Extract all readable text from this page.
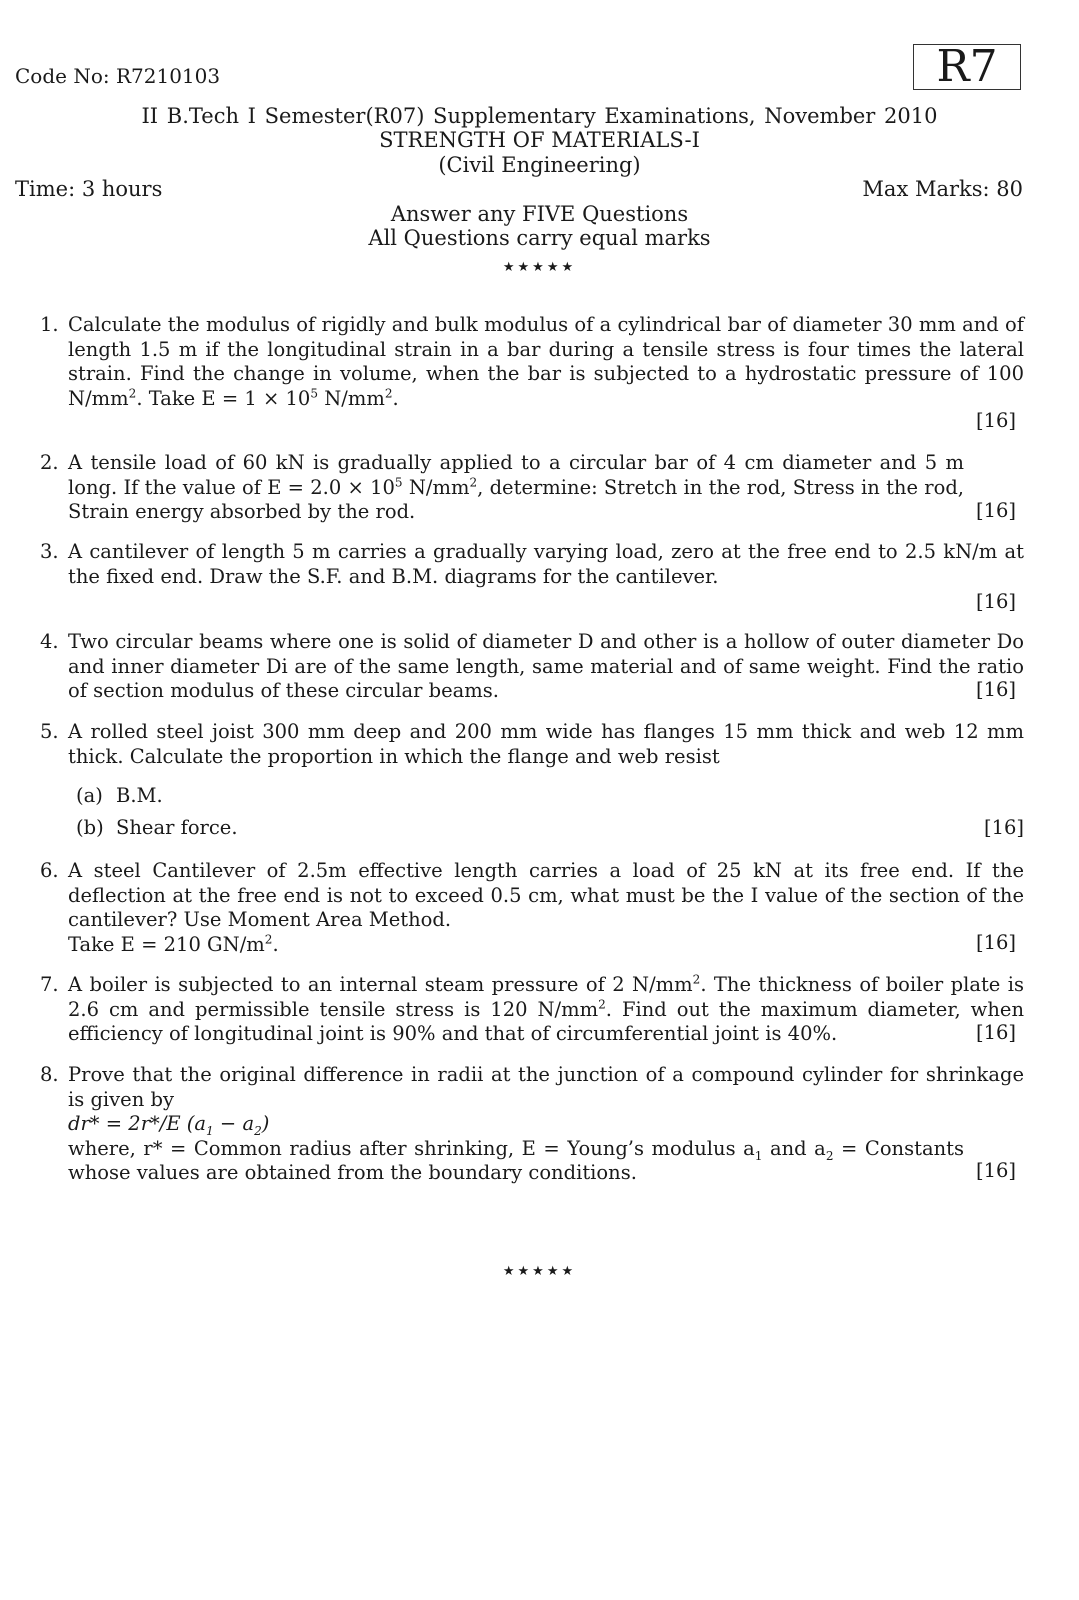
Code No: R7210103	R7
II B.Tech I Semester(R07) Supplementary Examinations, November 2010
STRENGTH OF MATERIALS-I
(Civil Engineering)
Time: 3 hours	Max Marks: 80
Answer any FIVE Questions
All Questions carry equal marks
★★★★★
1. Calculate the modulus of rigidly and bulk modulus of a cylindrical bar of diameter 30 mm and of length 1.5 m if the longitudinal strain in a bar during a tensile stress is four times the lateral strain. Find the change in volume, when the bar is subjected to a hydrostatic pressure of 100 $N/mm^2$. Take $E = 1 \times 10^5$ $N/mm^2$.
[16]
2. A tensile load of 60 kN is gradually applied to a circular bar of 4 cm diameter and 5 m long. If the value of $E = 2.0 \times 10^5$ $N/mm^2$, determine: Stretch in the rod, Stress in the rod, Strain energy absorbed by the rod.	[16]
3. A cantilever of length 5 m carries a gradually varying load, zero at the free end to 2.5 kN/m at the fixed end. Draw the S.F. and B.M. diagrams for the cantilever.
[16]
4. Two circular beams where one is solid of diameter D and other is a hollow of outer diameter Do and inner diameter Di are of the same length, same material and of same weight. Find the ratio of section modulus of these circular beams.	[16]
5. A rolled steel joist 300 mm deep and 200 mm wide has flanges 15 mm thick and web 12 mm thick. Calculate the proportion in which the flange and web resist
(a) B.M.
(b) Shear force.	[16]
6. A steel Cantilever of 2.5m effective length carries a load of 25 kN at its free end. If the deflection at the free end is not to exceed 0.5 cm, what must be the I value of the section of the cantilever? Use Moment Area Method.
Take E = 210 $GN/m^2$.	[16]
7. A boiler is subjected to an internal steam pressure of 2 $N/mm^2$. The thickness of boiler plate is 2.6 cm and permissible tensile stress is 120 $N/mm^2$. Find out the maximum diameter, when efficiency of longitudinal joint is 90% and that of circumferential joint is 40%.	[16]
8. Prove that the original difference in radii at the junction of a compound cylinder for shrinkage is given by
dr* = 2r*/E $(a_1 - a_2)$
where, r* = Common radius after shrinking, E = Young’s modulus $a_1$ and $a_2$ = Constants whose values are obtained from the boundary conditions.	[16]
★★★★★
